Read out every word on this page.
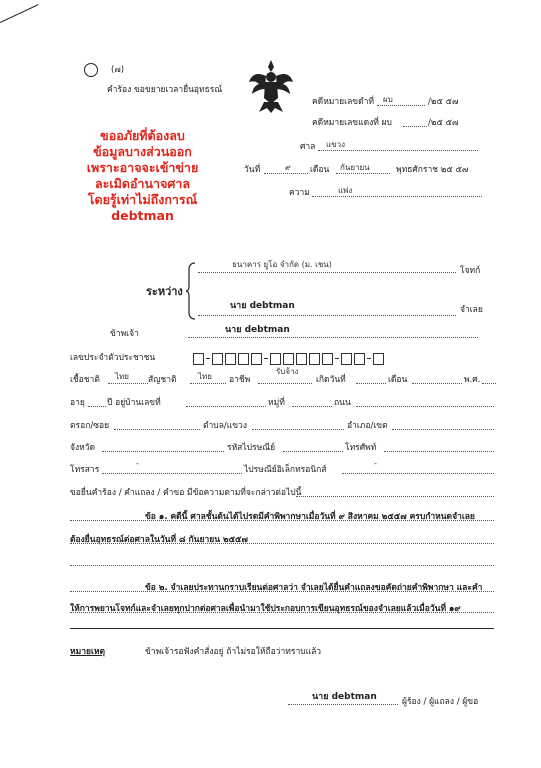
(๗)
คำร้อง ขอขยายเวลายื่นอุทธรณ์
คดีหมายเลขดำที่ ผบ	/๒๕ ๕๗
คดีหมายเลขแดงที่ ผบ	/๒๕ ๕๗
ศาล แขวง
วันที่	๙ เดือน กันยายน	พุทธศักราช ๒๕ ๕๗
ความ	แพ่ง
ขออภัยที่ต้องลบ
ข้อมูลบางส่วนออก
เพราะอาจจะเข้าข่าย
ละเมิดอำนาจศาล
โดยรู้เท่าไม่ถึงการณ์
debtman
ระหว่าง
ธนาคาร ยูโอ จำกัด (ม. เชน)
โจทก์
นาย debtman	จำเลย
ข้าพเจ้า	นาย debtman
เลขประจำตัวประชาชน
เชื้อชาติ ไทย สัญชาติ	ไทย อาชีพ
รับจ้าง
เกิดวันที่	เดือน	พ.ศ.
อายุ	ปี อยู่บ้านเลขที่	หมู่ที่	ถนน
ตรอก/ซอย	ตำบล/แขวง	อำเภอ/เขต
จังหวัด	รหัสไปรษณีย์	โทรศัพท์
โทรสาร
-
ไปรษณีย์อิเล็กทรอนิกส์
-
ขอยื่นคำร้อง / คำแถลง / คำขอ มีข้อความตามที่จะกล่าวต่อไปนี้
ข้อ ๑. คดีนี้ ศาลชั้นต้นได้ไปรดมีคำพิพากษาเมื่อวันที่ ๙ สิงหาคม ๒๕๕๗ ครบกำหนดจำเลย
ต้องยื่นอุทธรณ์ต่อศาลในวันที่ ๘ กันยายน ๒๕๕๗
ข้อ ๒. จำเลยประทานกราบเรียนต่อศาลว่า จำเลยได้ยื่นคำแถลงขอคัดถ่ายคำพิพากษา และคำ
ให้การพยานโจทก์และจำเลยทุกปากต่อศาลเพื่อนำมาใช้ประกอบการเขียนอุทธรณ์ของจำเลยแล้วเมื่อวันที่ ๑๙
หมายเหตุ	ข้าพเจ้ารอฟังคำสั่งอยู่ ถ้าไม่รอให้ถือว่าทราบแล้ว
นาย debtman	ผู้ร้อง / ผู้แถลง / ผู้ขอ
